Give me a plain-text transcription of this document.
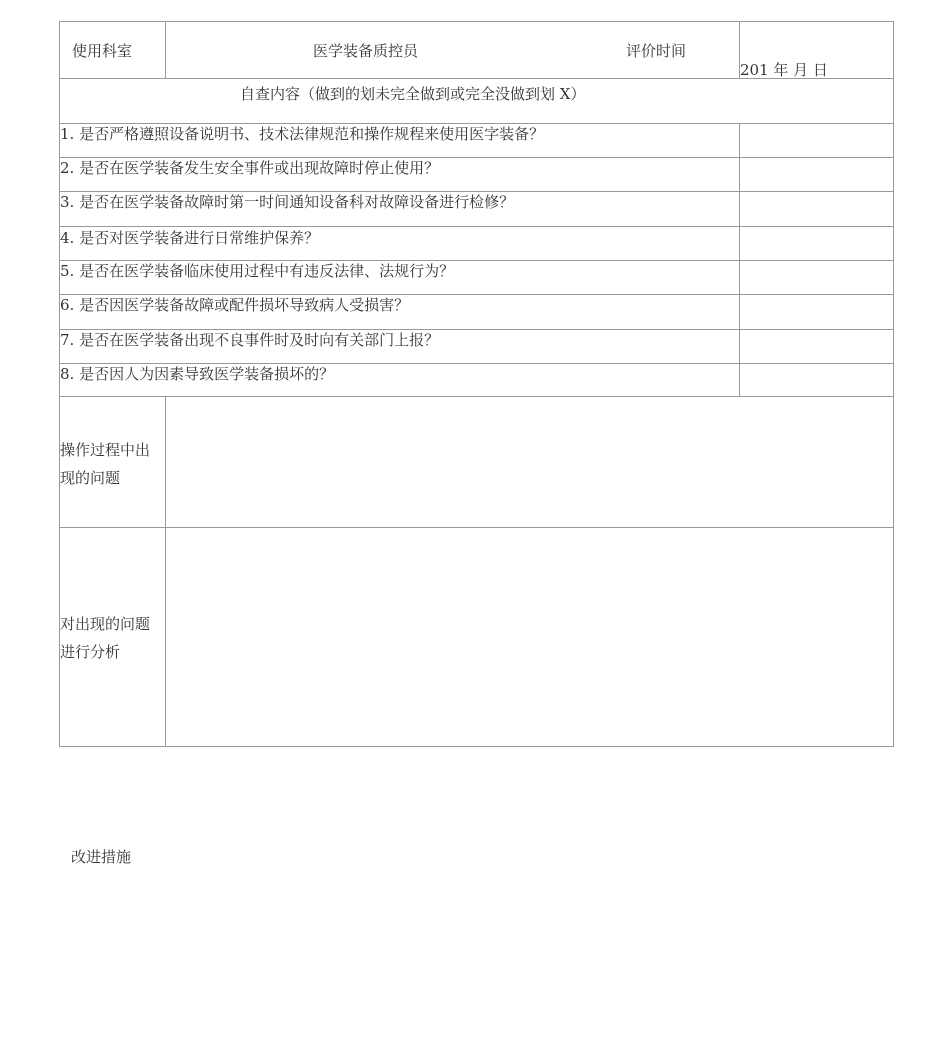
使用科室	医学装备质控员	评价时间
201 年 月 日
自查内容（做到的划未完全做到或完全没做到划 X）
1. 是否严格遵照设备说明书、技术法律规范和操作规程来使用医字装备？
2. 是否在医学装备发生安全事件或出现故障时停止使用？
3. 是否在医学装备故障时第一时间通知设备科对故障设备进行检修？
4. 是否对医学装备进行日常维护保养？
5. 是否在医学装备临床使用过程中有违反法律、法规行为？
6. 是否因医学装备故障或配件损坏导致病人受损害？
7. 是否在医学装备出现不良事件时及时向有关部门上报？
8. 是否因人为因素导致医学装备损坏的？
操作过程中出现的问题
对出现的问题进行分析
改进措施
